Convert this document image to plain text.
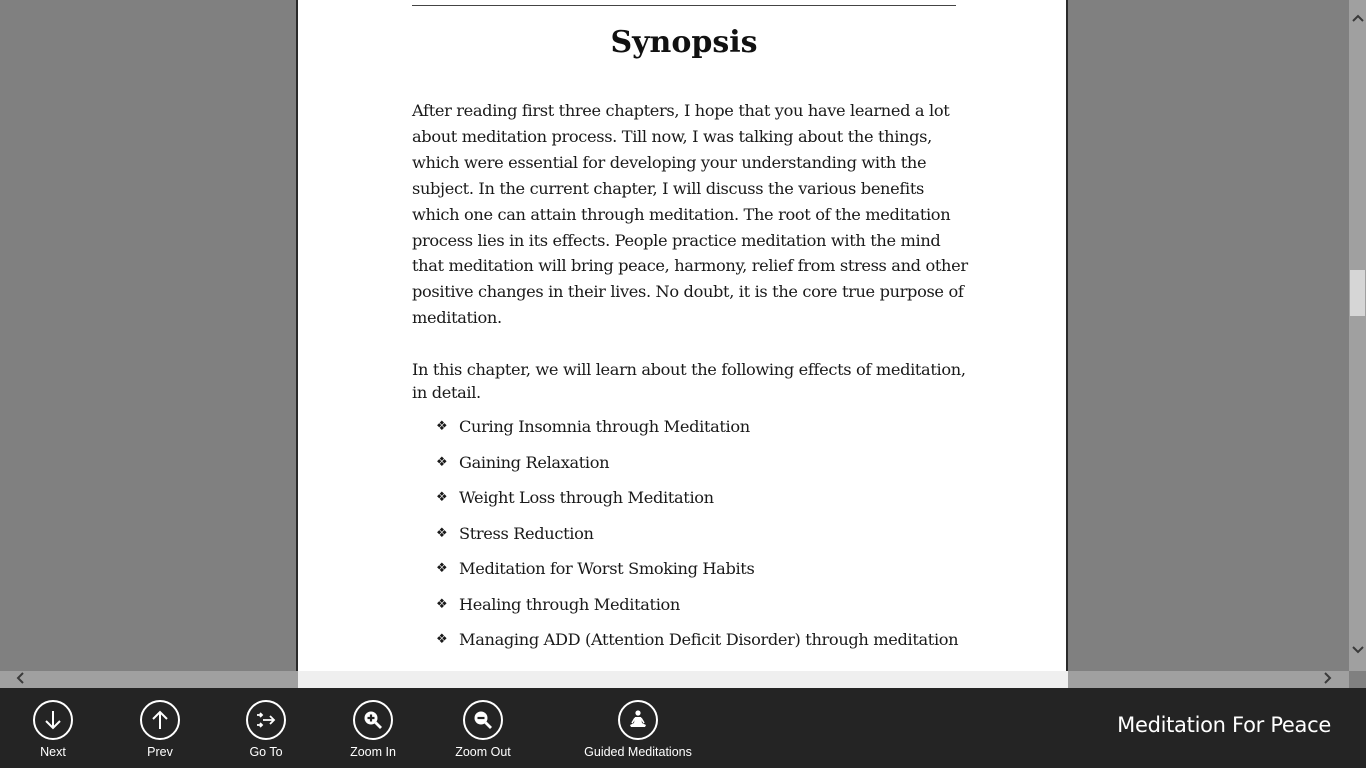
Synopsis
After reading first three chapters, I hope that you have learned a lot about meditation process. Till now, I was talking about the things, which were essential for developing your understanding with the subject. In the current chapter, I will discuss the various benefits which one can attain through meditation. The root of the meditation process lies in its effects. People practice meditation with the mind that meditation will bring peace, harmony, relief from stress and other positive changes in their lives. No doubt, it is the core true purpose of meditation.
In this chapter, we will learn about the following effects of meditation, in detail.
❖ Curing Insomnia through Meditation
❖ Gaining Relaxation
❖ Weight Loss through Meditation
❖ Stress Reduction
❖ Meditation for Worst Smoking Habits
❖ Healing through Meditation
❖ Managing ADD (Attention Deficit Disorder) through meditation
Next	Prev	Go To	Zoom In	Zoom Out	Guided Meditations
Meditation For Peace
